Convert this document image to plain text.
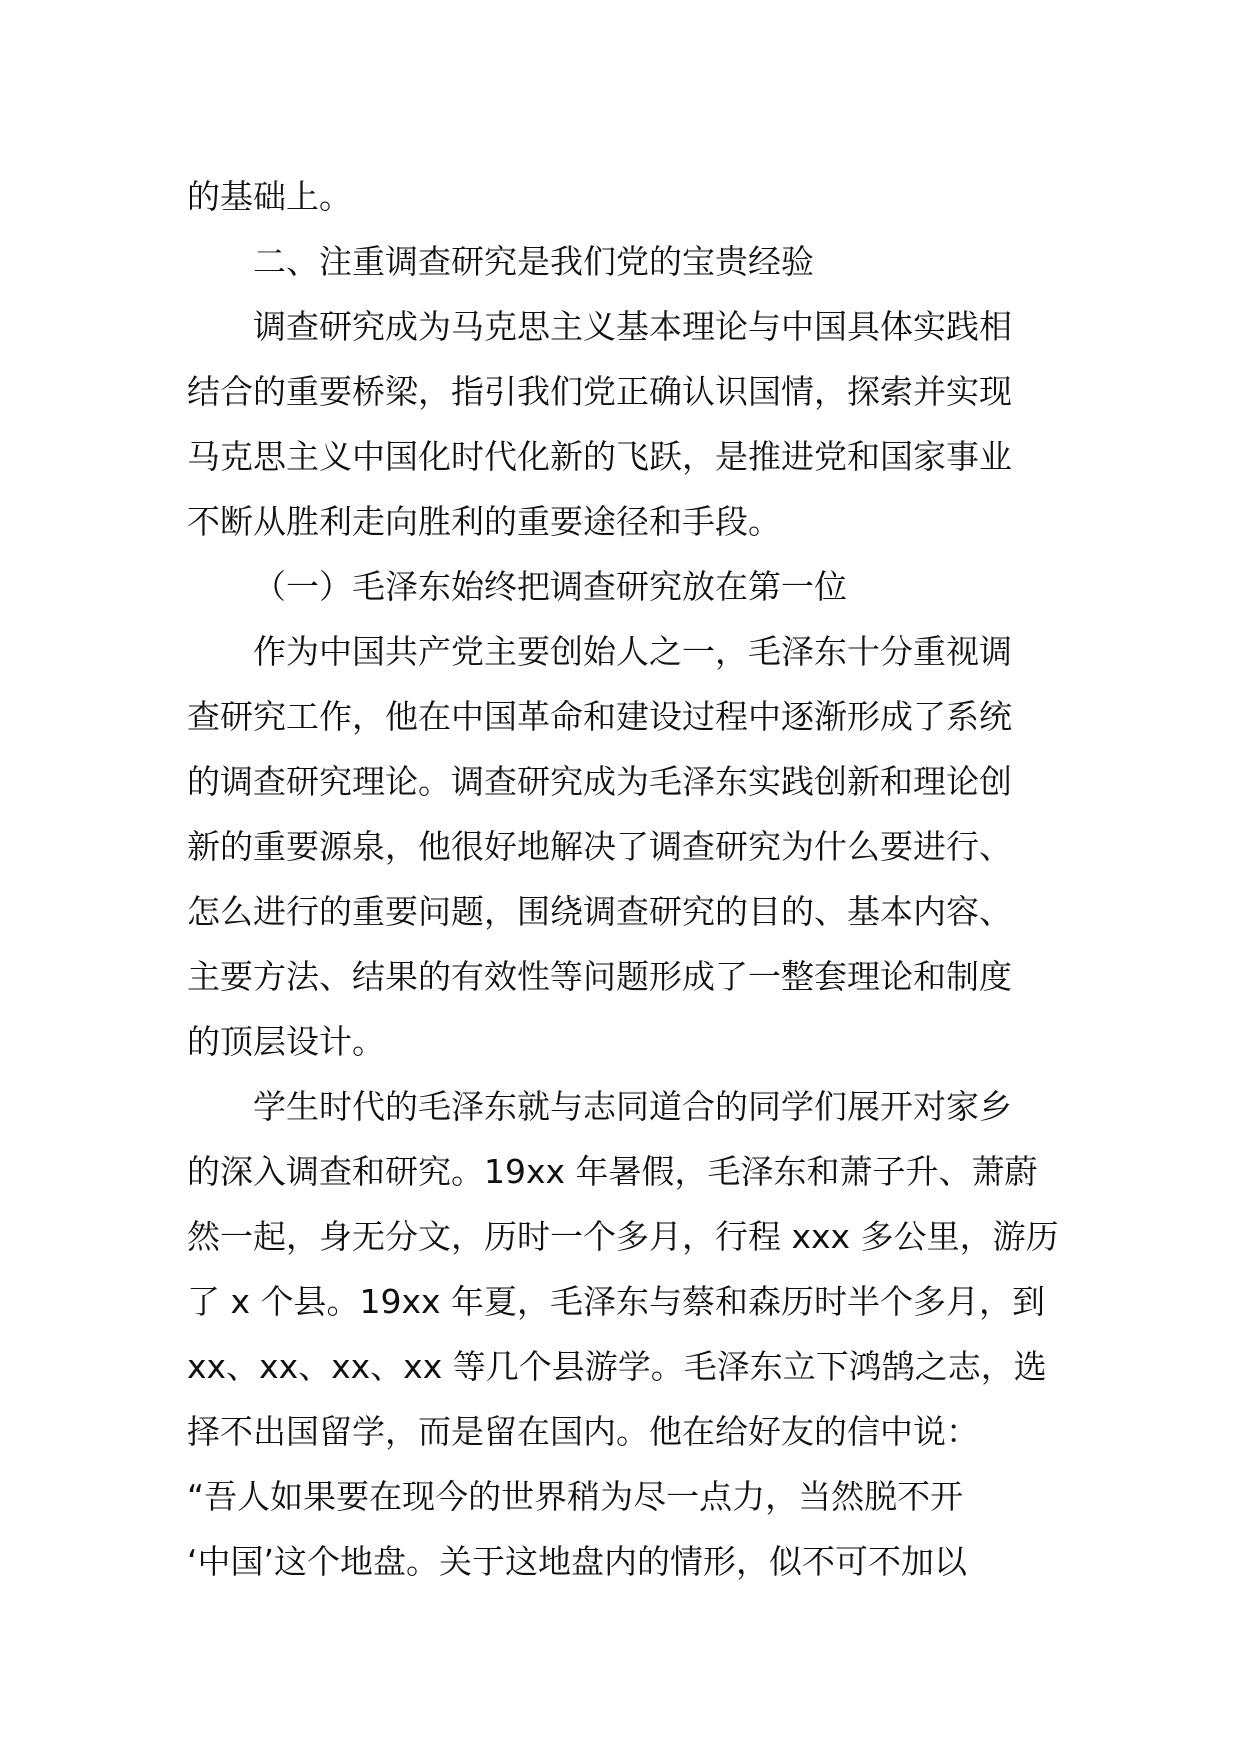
的基础上。
二、注重调查研究是我们党的宝贵经验
调查研究成为马克思主义基本理论与中国具体实践相
结合的重要桥梁，指引我们党正确认识国情，探索并实现
马克思主义中国化时代化新的飞跃，是推进党和国家事业
不断从胜利走向胜利的重要途径和手段。
（一）毛泽东始终把调查研究放在第一位
作为中国共产党主要创始人之一，毛泽东十分重视调
查研究工作，他在中国革命和建设过程中逐渐形成了系统
的调查研究理论。调查研究成为毛泽东实践创新和理论创
新的重要源泉，他很好地解决了调查研究为什么要进行、
怎么进行的重要问题，围绕调查研究的目的、基本内容、
主要方法、结果的有效性等问题形成了一整套理论和制度
的顶层设计。
学生时代的毛泽东就与志同道合的同学们展开对家乡
的深入调查和研究。19xx 年暑假，毛泽东和萧子升、萧蔚
然一起，身无分文，历时一个多月，行程 xxx 多公里，游历
了 x 个县。19xx 年夏，毛泽东与蔡和森历时半个多月，到
xx、xx、xx、xx 等几个县游学。毛泽东立下鸿鹄之志，选
择不出国留学，而是留在国内。他在给好友的信中说：
“吾人如果要在现今的世界稍为尽一点力，当然脱不开
‘中国’这个地盘。关于这地盘内的情形，似不可不加以
